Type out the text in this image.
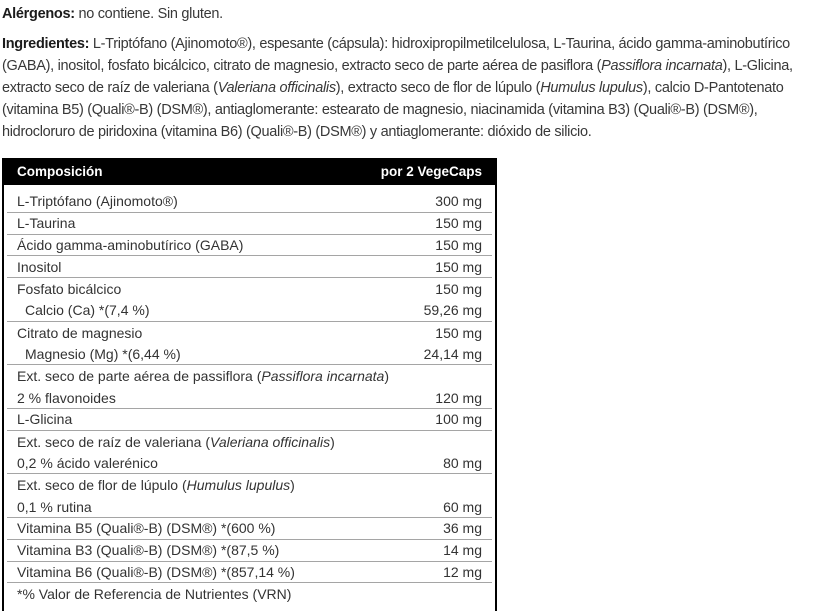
Alérgenos: no contiene. Sin gluten.

Ingredientes: L-Triptófano (Ajinomoto®), espesante (cápsula): hidroxipropilmetilcelulosa, L-Taurina, ácido gamma-aminobutírico (GABA), inositol, fosfato bicálcico, citrato de magnesio, extracto seco de parte aérea de pasiflora (Passiflora incarnata), L-Glicina, extracto seco de raíz de valeriana (Valeriana officinalis), extracto seco de flor de lúpulo (Humulus lupulus), calcio D-Pantotenato (vitamina B5) (Quali®-B) (DSM®), antiaglomerante: estearato de magnesio, niacinamida (vitamina B3) (Quali®-B) (DSM®), hidrocloruro de piridoxina (vitamina B6) (Quali®-B) (DSM®) y antiaglomerante: dióxido de silicio.

Composición	por 2 VegeCaps
L-Triptófano (Ajinomoto®)	300 mg
L-Taurina	150 mg
Ácido gamma-aminobutírico (GABA)	150 mg
Inositol	150 mg
Fosfato bicálcico	150 mg
Calcio (Ca) *(7,4 %)	59,26 mg
Citrato de magnesio	150 mg
Magnesio (Mg) *(6,44 %)	24,14 mg
Ext. seco de parte aérea de passiflora (Passiflora incarnata)
2 % flavonoides	120 mg
L-Glicina	100 mg
Ext. seco de raíz de valeriana (Valeriana officinalis)
0,2 % ácido valerénico	80 mg
Ext. seco de flor de lúpulo (Humulus lupulus)
0,1 % rutina	60 mg
Vitamina B5 (Quali®-B) (DSM®) *(600 %)	36 mg
Vitamina B3 (Quali®-B) (DSM®) *(87,5 %)	14 mg
Vitamina B6 (Quali®-B) (DSM®) *(857,14 %)	12 mg
*% Valor de Referencia de Nutrientes (VRN)
